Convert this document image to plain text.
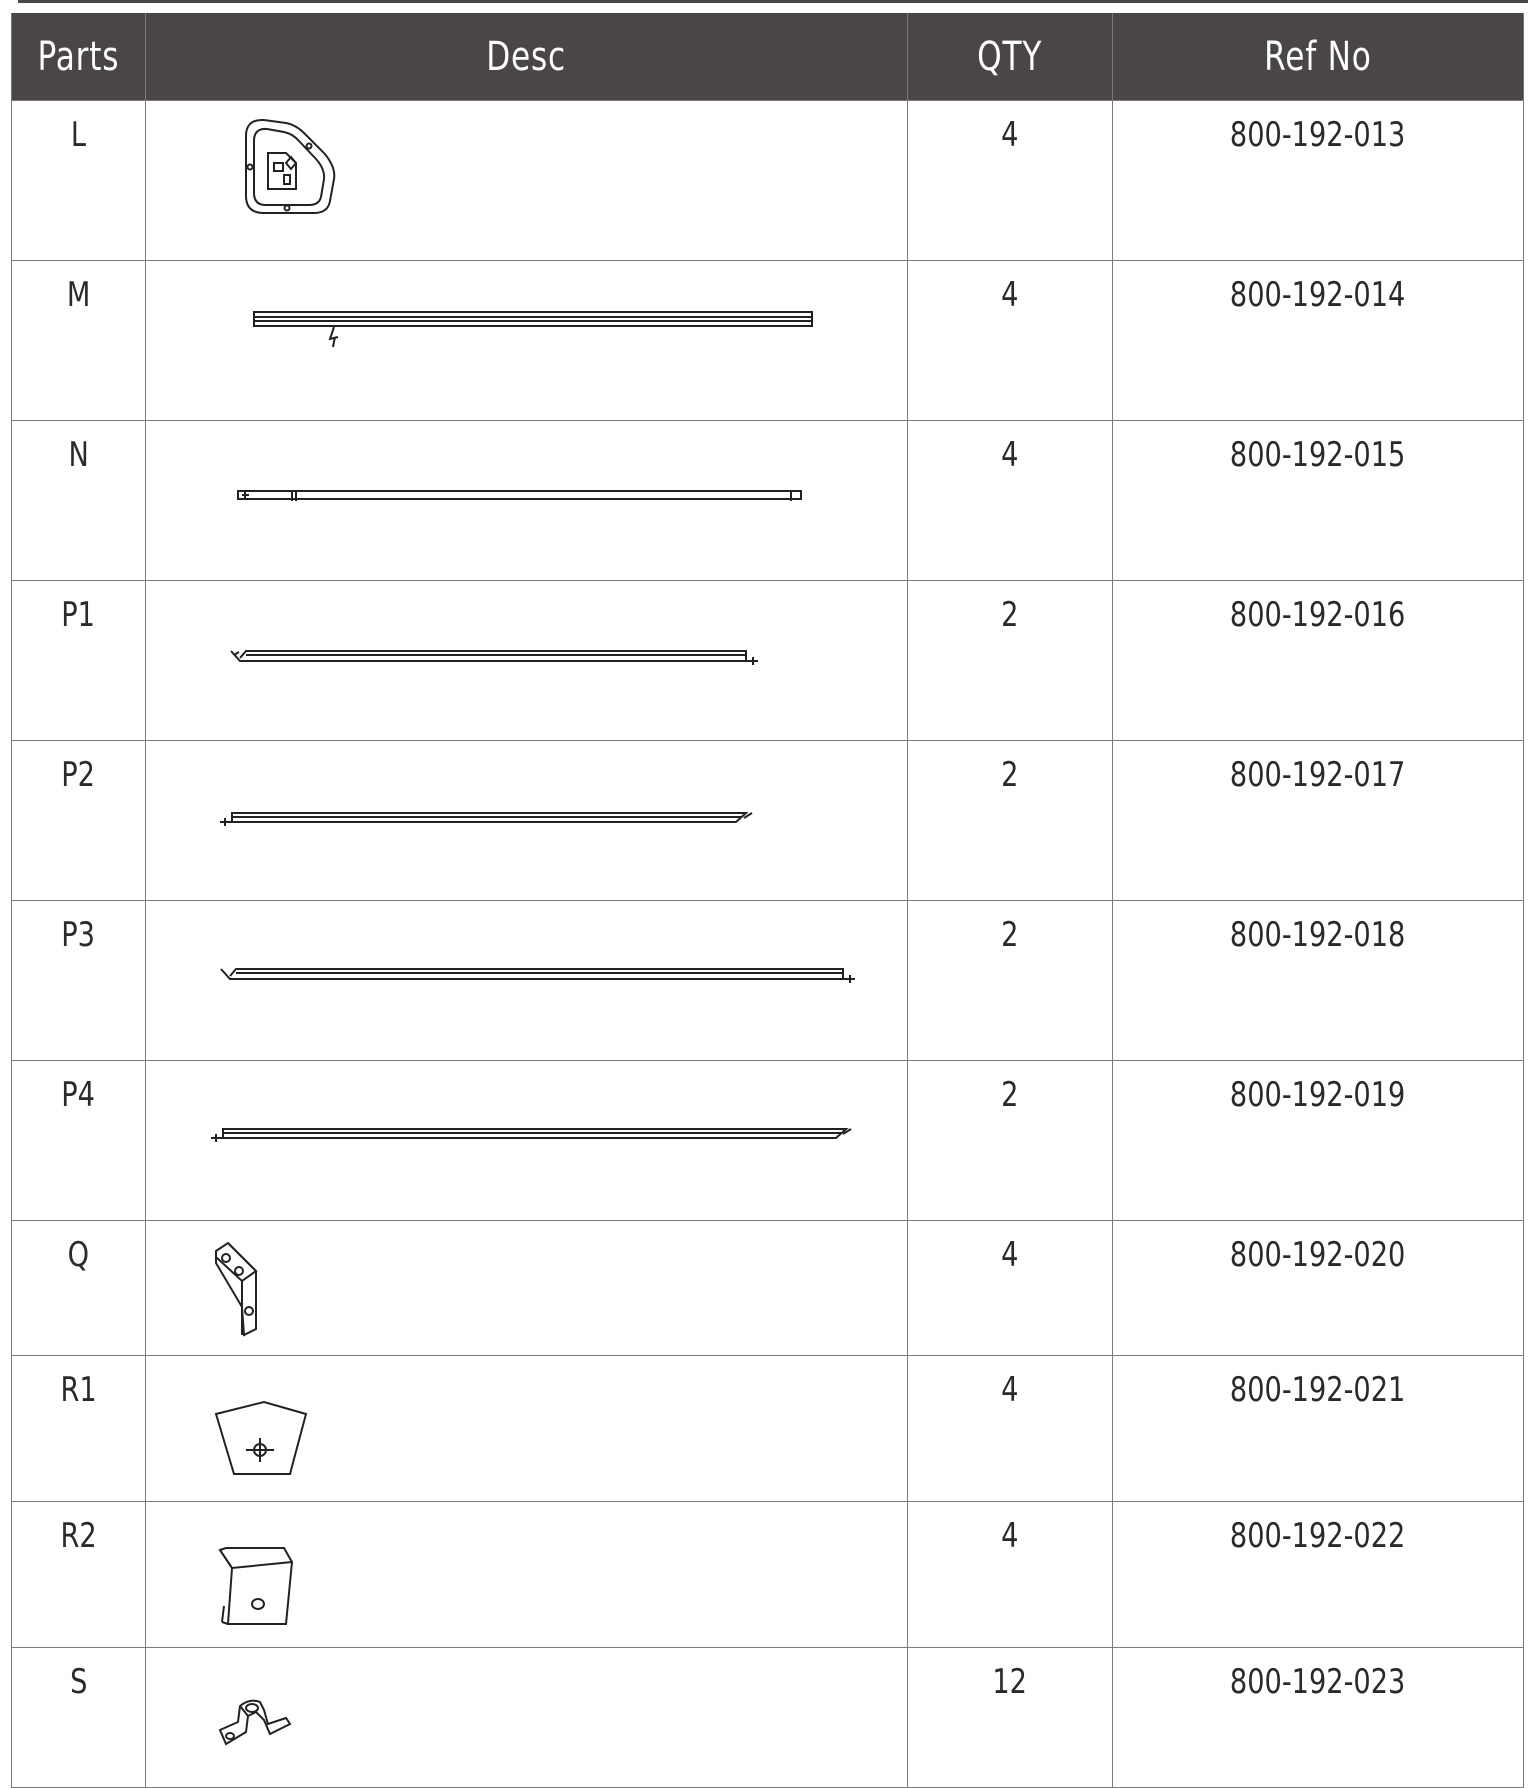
Parts	Desc	QTY	Ref No
L		4	800-192-013
M		4	800-192-014
N		4	800-192-015
P1		2	800-192-016
P2		2	800-192-017
P3		2	800-192-018
P4		2	800-192-019
Q		4	800-192-020
R1		4	800-192-021
R2		4	800-192-022
S		12	800-192-023
